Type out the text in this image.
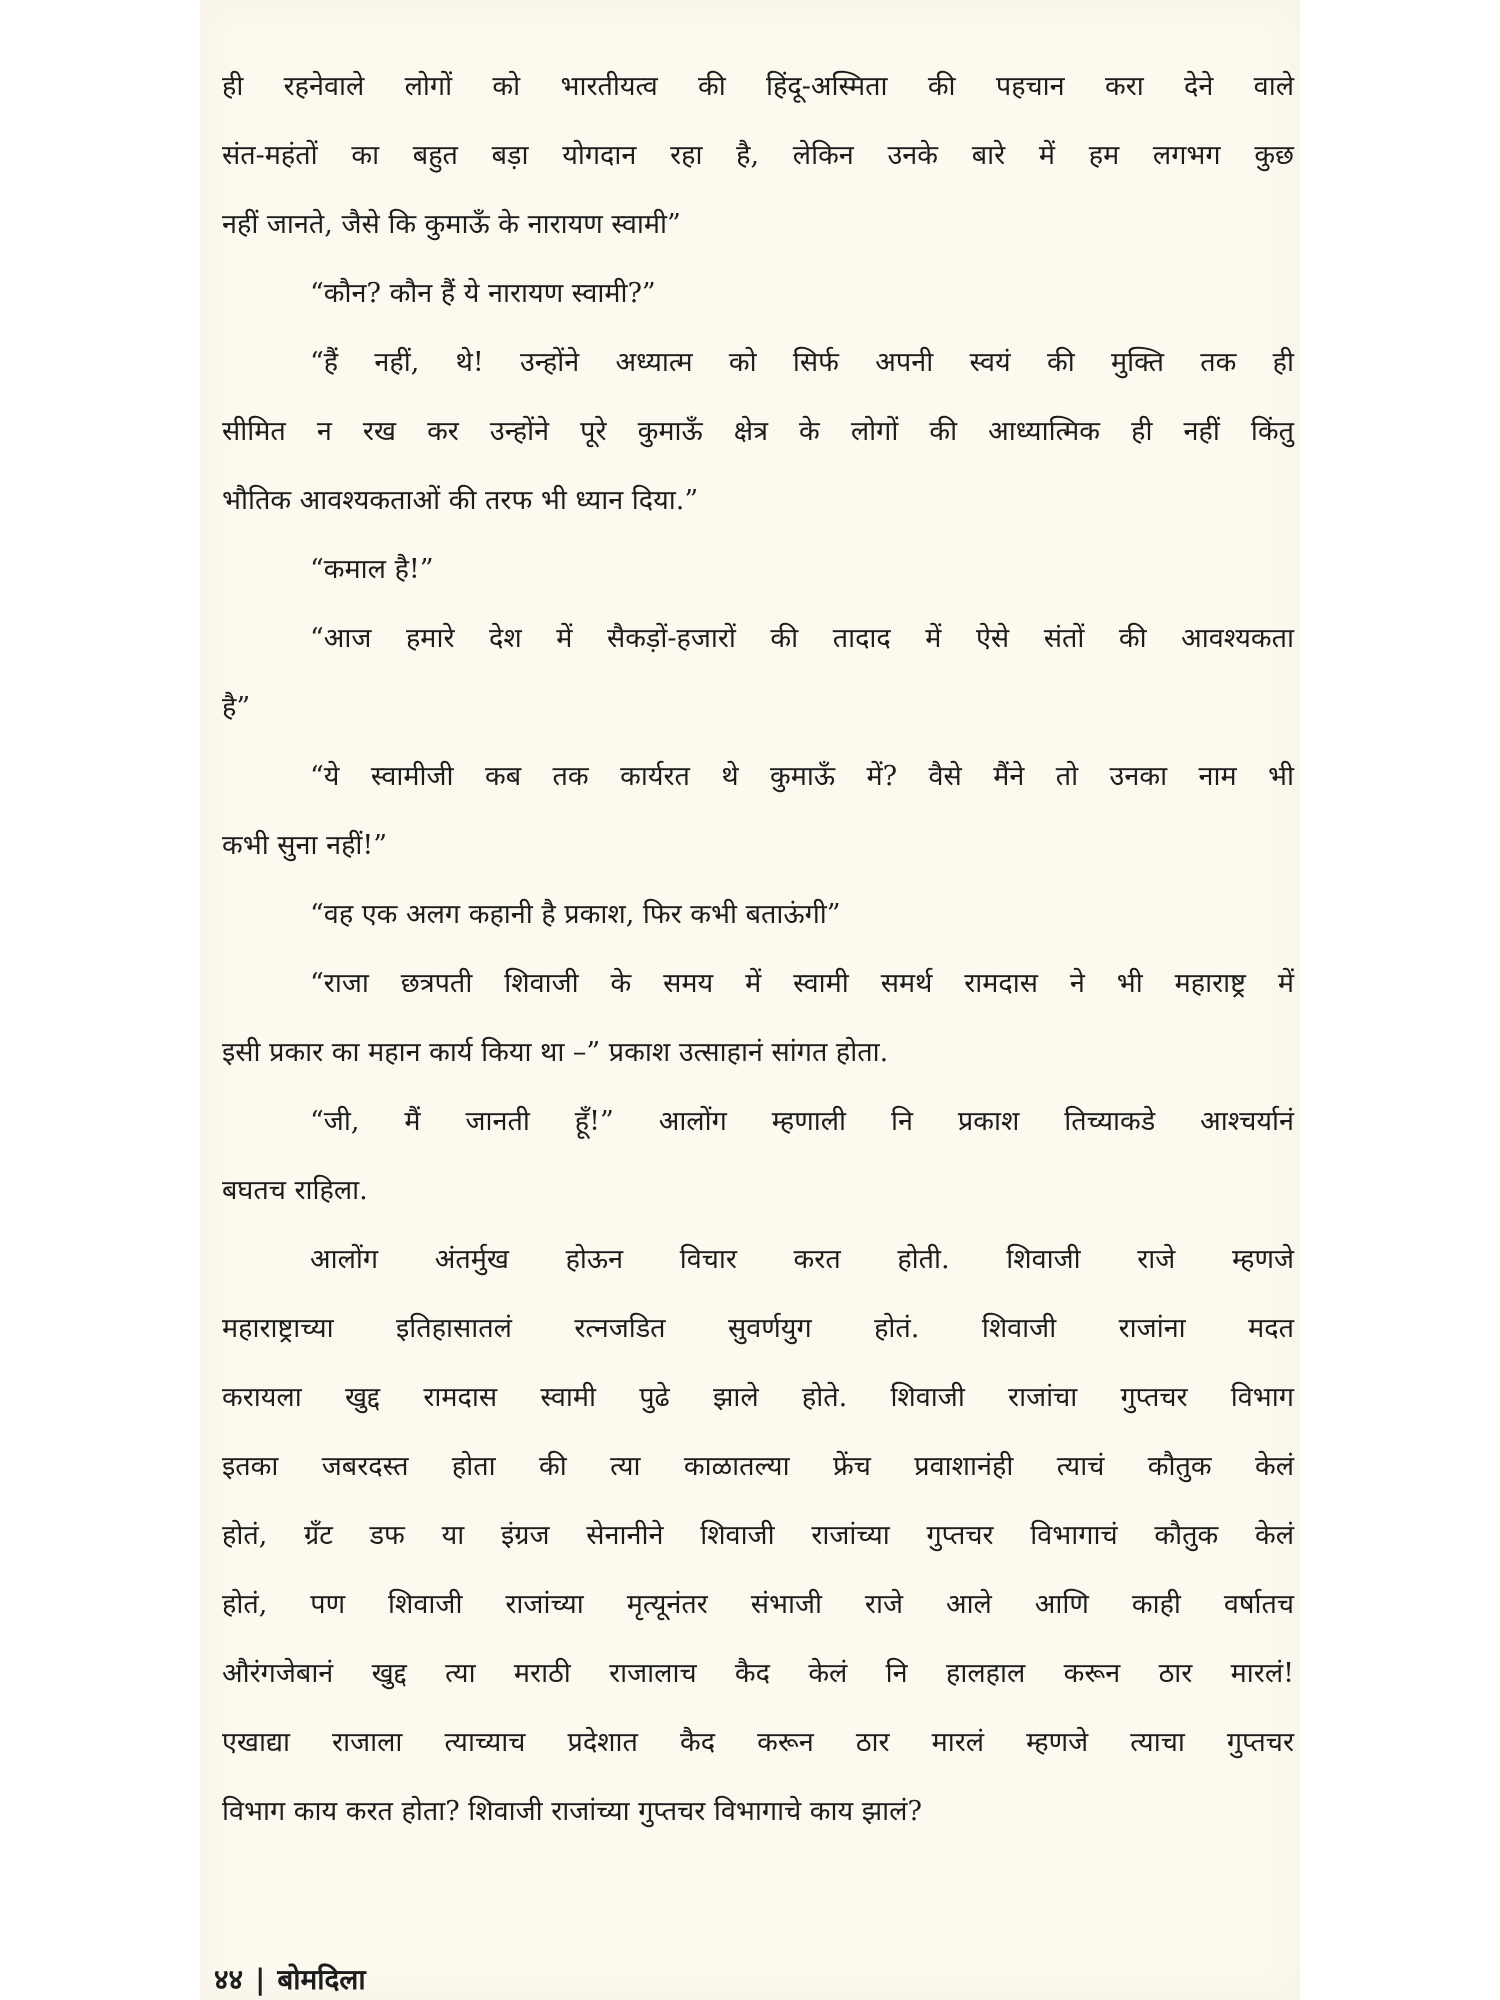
ही रहनेवाले लोगों को भारतीयत्व की हिंदू-अस्मिता की पहचान करा देने वाले
संत-महंतों का बहुत बड़ा योगदान रहा है, लेकिन उनके बारे में हम लगभग कुछ
नहीं जानते, जैसे कि कुमाऊँ के नारायण स्वामी”
“कौन? कौन हैं ये नारायण स्वामी?”
“हैं नहीं, थे! उन्होंने अध्यात्म को सिर्फ अपनी स्वयं की मुक्ति तक ही
सीमित न रख कर उन्होंने पूरे कुमाऊँ क्षेत्र के लोगों की आध्यात्मिक ही नहीं किंतु
भौतिक आवश्यकताओं की तरफ भी ध्यान दिया.”
“कमाल है!”
“आज हमारे देश में सैकड़ों-हजारों की तादाद में ऐसे संतों की आवश्यकता
है”
“ये स्वामीजी कब तक कार्यरत थे कुमाऊँ में? वैसे मैंने तो उनका नाम भी
कभी सुना नहीं!”
“वह एक अलग कहानी है प्रकाश, फिर कभी बताऊंगी”
“राजा छत्रपती शिवाजी के समय में स्वामी समर्थ रामदास ने भी महाराष्ट्र में
इसी प्रकार का महान कार्य किया था –” प्रकाश उत्साहानं सांगत होता.
“जी, मैं जानती हूँ!” आलोंग म्हणाली नि प्रकाश तिच्याकडे आश्चर्यानं
बघतच राहिला.
आलोंग अंतर्मुख होऊन विचार करत होती. शिवाजी राजे म्हणजे
महाराष्ट्राच्या इतिहासातलं रत्नजडित सुवर्णयुग होतं. शिवाजी राजांना मदत
करायला खुद्द रामदास स्वामी पुढे झाले होते. शिवाजी राजांचा गुप्तचर विभाग
इतका जबरदस्त होता की त्या काळातल्या फ्रेंच प्रवाशानंही त्याचं कौतुक केलं
होतं, ग्रँट डफ या इंग्रज सेनानीने शिवाजी राजांच्या गुप्तचर विभागाचं कौतुक केलं
होतं, पण शिवाजी राजांच्या मृत्यूनंतर संभाजी राजे आले आणि काही वर्षातच
औरंगजेबानं खुद्द त्या मराठी राजालाच कैद केलं नि हालहाल करून ठार मारलं!
एखाद्या राजाला त्याच्याच प्रदेशात कैद करून ठार मारलं म्हणजे त्याचा गुप्तचर
विभाग काय करत होता? शिवाजी राजांच्या गुप्तचर विभागाचे काय झालं?
४४ | बोमदिला
